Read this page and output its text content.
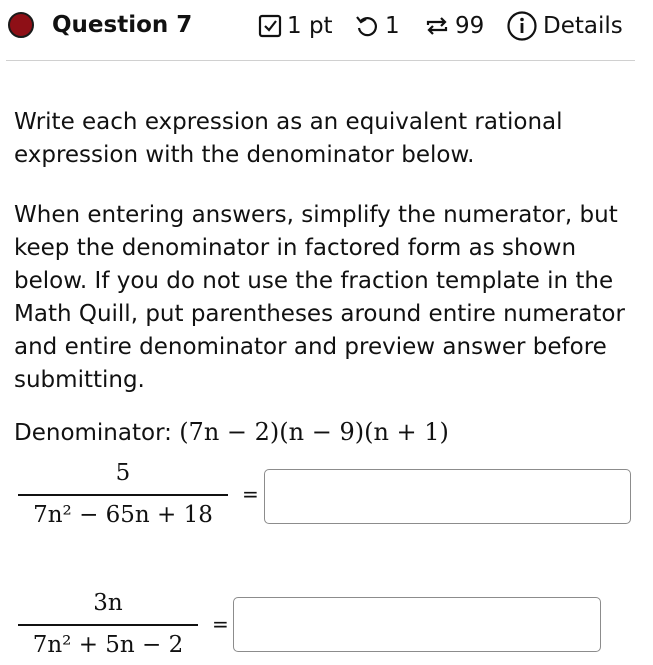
Question 7	1 pt 1 99	Details
Write each expression as an equivalent rational expression with the denominator below.
When entering answers, simplify the numerator, but keep the denominator in factored form as shown below. If you do not use the fraction template in the Math Quill, put parentheses around entire numerator and entire denominator and preview answer before submitting.
Denominator: (7n − 2)(n − 9)(n + 1)
5
7n² − 65n + 18
=
3n
7n² + 5n − 2
=
